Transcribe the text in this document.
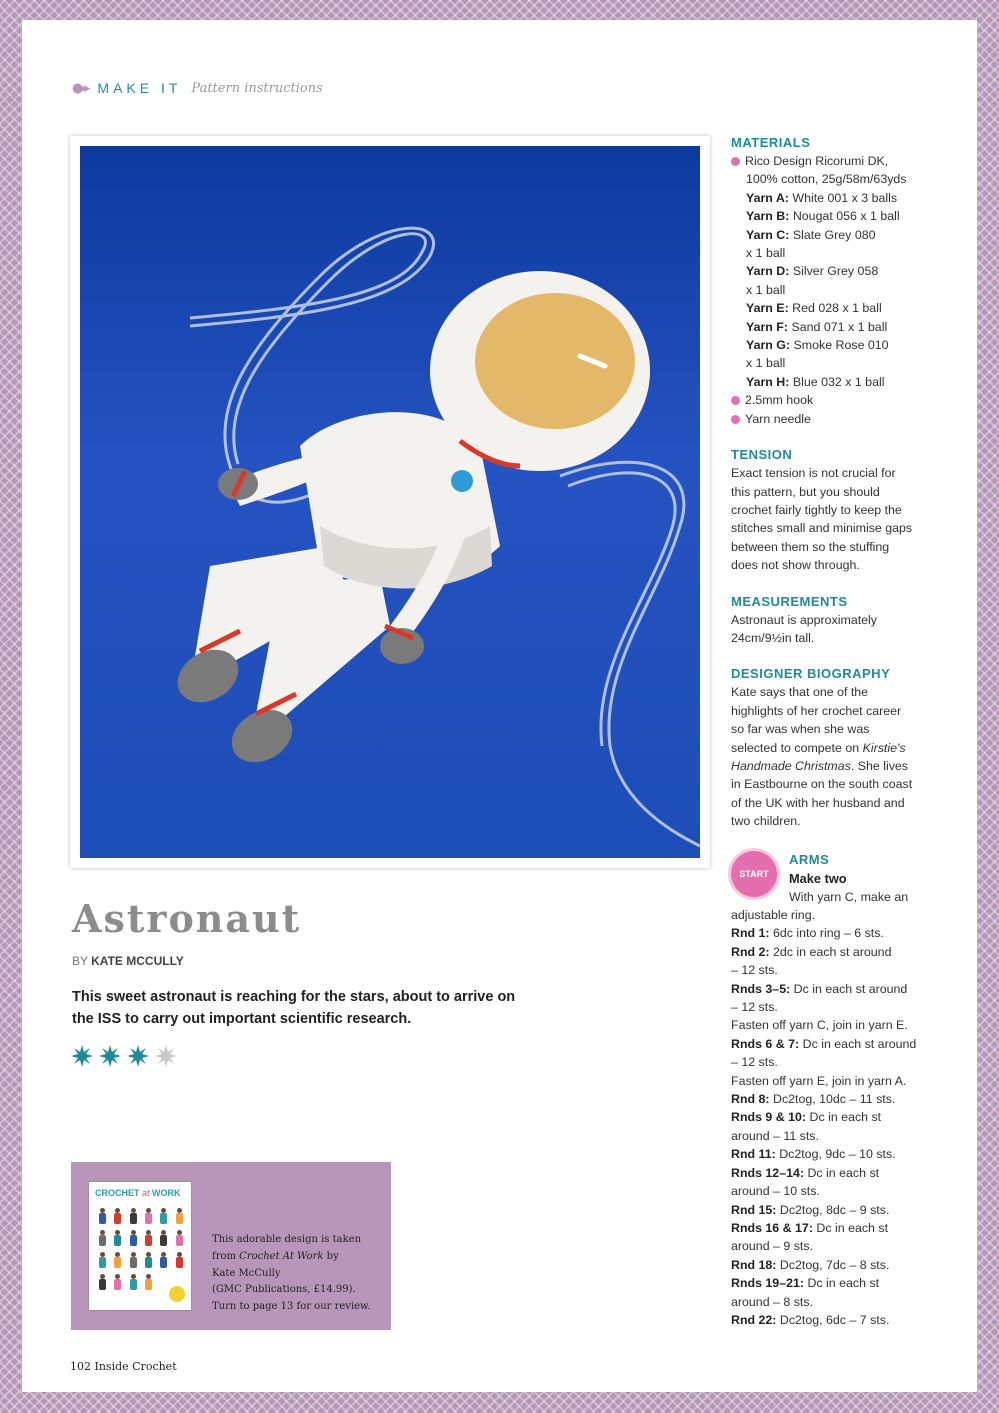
●▸▸ MAKE IT Pattern instructions
Astronaut
BY KATE MCCULLY
This sweet astronaut is reaching for the stars, about to arrive on the ISS to carry out important scientific research.
CROCHET at WORK
This adorable design is taken
from Crochet At Work by
Kate McCully
(GMC Publications, £14.99).
Turn to page 13 for our review.
102 Inside Crochet
MATERIALS
Rico Design Ricorumi DK,
100% cotton, 25g/58m/63yds
Yarn A: White 001 x 3 balls
Yarn B: Nougat 056 x 1 ball
Yarn C: Slate Grey 080
x 1 ball
Yarn D: Silver Grey 058
x 1 ball
Yarn E: Red 028 x 1 ball
Yarn F: Sand 071 x 1 ball
Yarn G: Smoke Rose 010
x 1 ball
Yarn H: Blue 032 x 1 ball
2.5mm hook
Yarn needle
TENSION
Exact tension is not crucial for
this pattern, but you should
crochet fairly tightly to keep the
stitches small and minimise gaps
between them so the stuffing
does not show through.
MEASUREMENTS
Astronaut is approximately
24cm/9½in tall.
DESIGNER BIOGRAPHY
Kate says that one of the
highlights of her crochet career
so far was when she was
selected to compete on Kirstie's
Handmade Christmas. She lives
in Eastbourne on the south coast
of the UK with her husband and
two children.
START
ARMS
Make two
With yarn C, make an
adjustable ring.
Rnd 1: 6dc into ring – 6 sts.
Rnd 2: 2dc in each st around
– 12 sts.
Rnds 3–5: Dc in each st around
– 12 sts.
Fasten off yarn C, join in yarn E.
Rnds 6 & 7: Dc in each st around
– 12 sts.
Fasten off yarn E, join in yarn A.
Rnd 8: Dc2tog, 10dc – 11 sts.
Rnds 9 & 10: Dc in each st
around – 11 sts.
Rnd 11: Dc2tog, 9dc – 10 sts.
Rnds 12–14: Dc in each st
around – 10 sts.
Rnd 15: Dc2tog, 8dc – 9 sts.
Rnds 16 & 17: Dc in each st
around – 9 sts.
Rnd 18: Dc2tog, 7dc – 8 sts.
Rnds 19–21: Dc in each st
around – 8 sts.
Rnd 22: Dc2tog, 6dc – 7 sts.
